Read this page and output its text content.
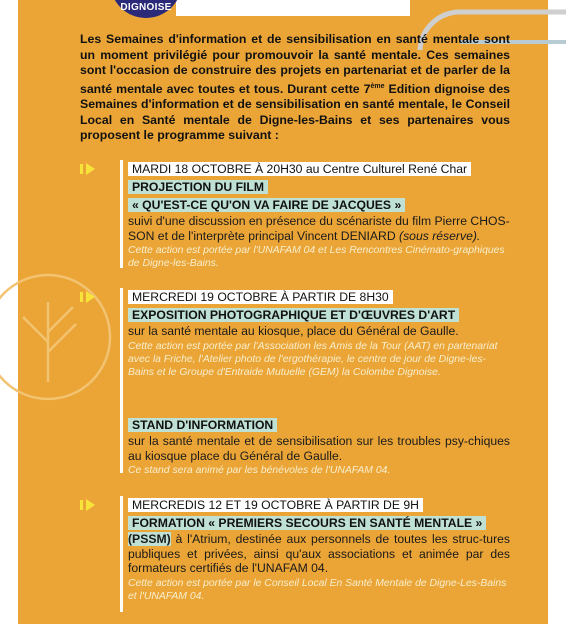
DIGNOISE

Les Semaines d'information et de sensibilisation en santé mentale sont un moment privilégié pour promouvoir la santé mentale. Ces semaines sont l'occasion de construire des projets en partenariat et de parler de la santé mentale avec toutes et tous. Durant cette 7ème Edition dignoise des Semaines d'information et de sensibilisation en santé mentale, le Conseil Local en Santé mentale de Digne-les-Bains et ses partenaires vous proposent le programme suivant :

MARDI 18 OCTOBRE À 20H30 au Centre Culturel René Char
PROJECTION DU FILM
« QU'EST-CE QU'ON VA FAIRE DE JACQUES »

suivi d'une discussion en présence du scénariste du film Pierre CHOS-SON et de l'interprète principal Vincent DENIARD (sous réserve).

Cette action est portée par l'UNAFAM 04 et Les Rencontres Cinémato-graphiques de Digne-les-Bains.

MERCREDI 19 OCTOBRE À PARTIR DE 8H30
EXPOSITION PHOTOGRAPHIQUE ET D'ŒUVRES D'ART

sur la santé mentale au kiosque, place du Général de Gaulle.

Cette action est portée par l'Association les Amis de la Tour (AAT) en partenariat avec la Friche, l'Atelier photo de l'ergothérapie, le centre de jour de Digne-les-Bains et le Groupe d'Entraide Mutuelle (GEM) la Colombe Dignoise.

STAND D'INFORMATION

sur la santé mentale et de sensibilisation sur les troubles psy-chiques au kiosque place du Général de Gaulle.

Ce stand sera animé par les bénévoles de l'UNAFAM 04.

MERCREDIS 12 ET 19 OCTOBRE À PARTIR DE 9H
FORMATION « PREMIERS SECOURS EN SANTÉ MENTALE »

(PSSM) à l'Atrium, destinée aux personnels de toutes les struc-tures publiques et privées, ainsi qu'aux associations et animée par des formateurs certifiés de l'UNAFAM 04.

Cette action est portée par le Conseil Local En Santé Mentale de Digne-Les-Bains et l'UNAFAM 04.	VILLE DE DIGNE-LES-BAINS / 2022
